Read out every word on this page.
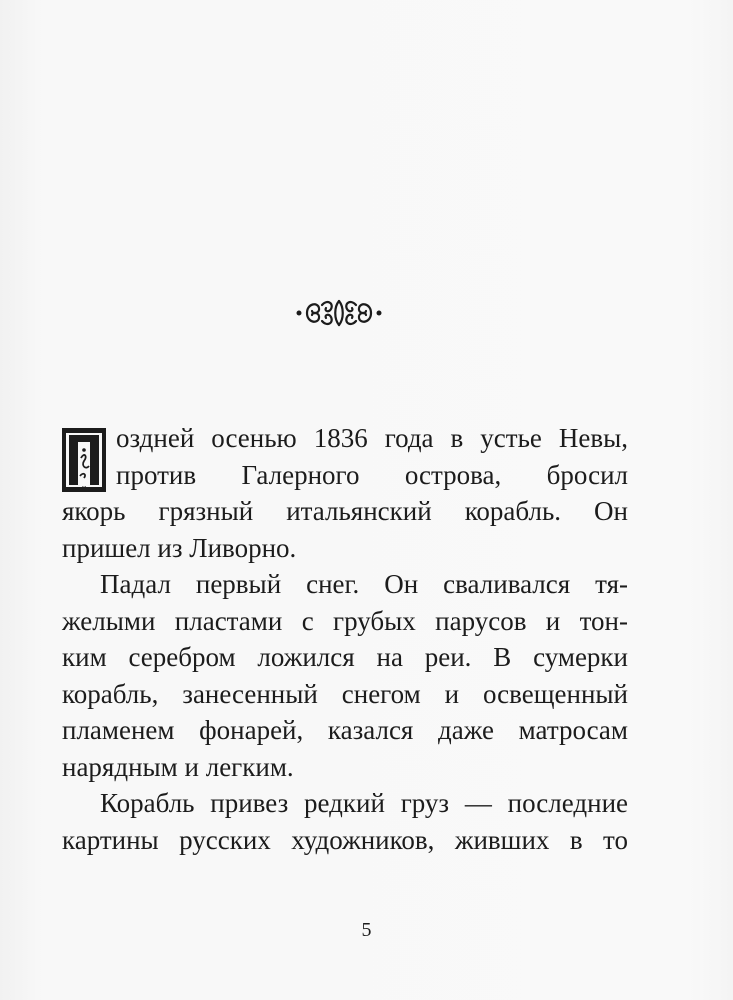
П
оздней осенью 1836 года в устье Невы,
против Галерного острова, бросил
якорь грязный итальянский корабль. Он
пришел из Ливорно.
Падал первый снег. Он сваливался тя-
желыми пластами с грубых парусов и тон-
ким серебром ложился на реи. В сумерки
корабль, занесенный снегом и освещенный
пламенем фонарей, казался даже матросам
нарядным и легким.
Корабль привез редкий груз — последние
картины русских художников, живших в то
5
